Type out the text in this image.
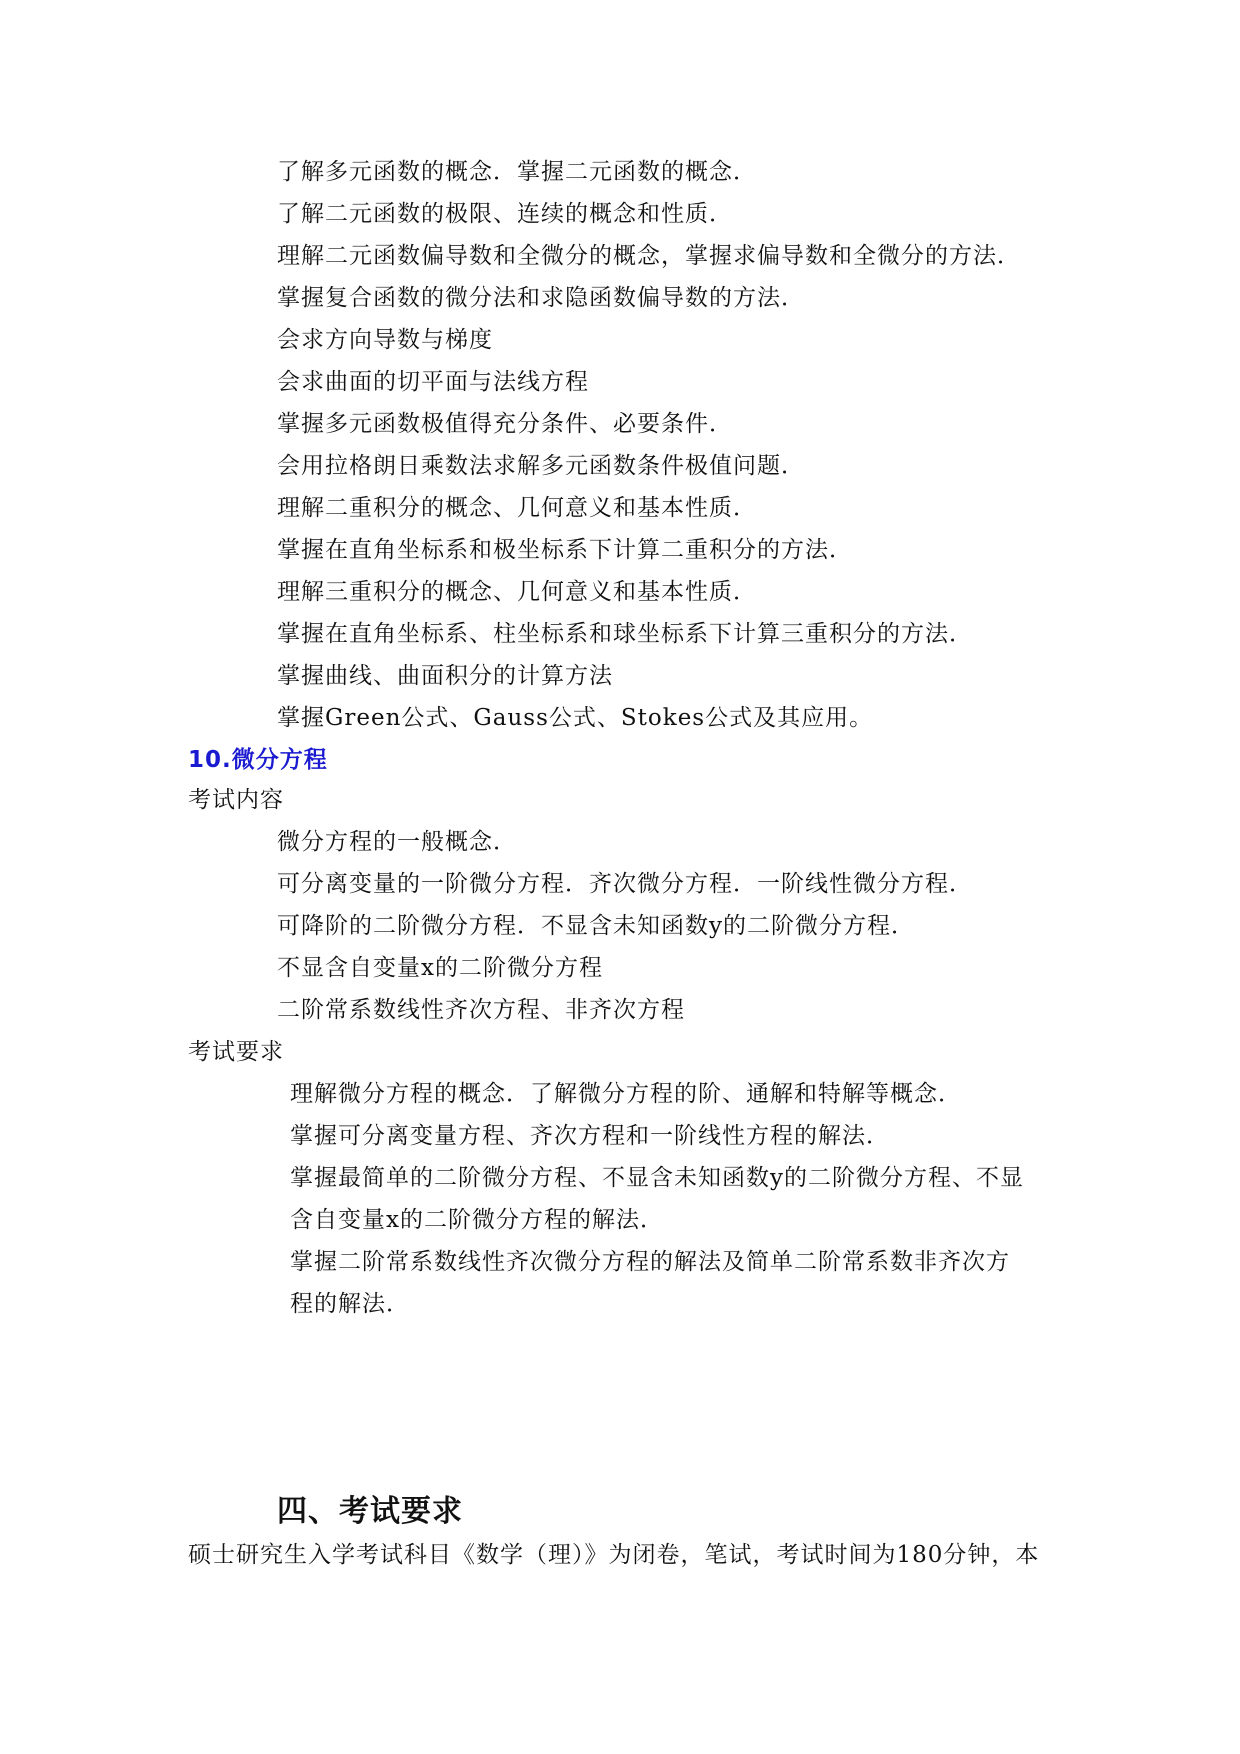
了解多元函数的概念．掌握二元函数的概念．
了解二元函数的极限、连续的概念和性质．
理解二元函数偏导数和全微分的概念，掌握求偏导数和全微分的方法．
掌握复合函数的微分法和求隐函数偏导数的方法．
会求方向导数与梯度
会求曲面的切平面与法线方程
掌握多元函数极值得充分条件、必要条件．
会用拉格朗日乘数法求解多元函数条件极值问题．
理解二重积分的概念、几何意义和基本性质．
掌握在直角坐标系和极坐标系下计算二重积分的方法．
理解三重积分的概念、几何意义和基本性质．
掌握在直角坐标系、柱坐标系和球坐标系下计算三重积分的方法．
掌握曲线、曲面积分的计算方法
掌握Green公式、Gauss公式、Stokes公式及其应用。
10.微分方程
考试内容
微分方程的一般概念．
可分离变量的一阶微分方程．齐次微分方程．一阶线性微分方程．
可降阶的二阶微分方程．不显含未知函数y的二阶微分方程．
不显含自变量x的二阶微分方程
二阶常系数线性齐次方程、非齐次方程
考试要求
理解微分方程的概念．了解微分方程的阶、通解和特解等概念．
掌握可分离变量方程、齐次方程和一阶线性方程的解法．
掌握最简单的二阶微分方程、不显含未知函数y的二阶微分方程、不显
含自变量x的二阶微分方程的解法．
掌握二阶常系数线性齐次微分方程的解法及简单二阶常系数非齐次方
程的解法．
四、考试要求
硕士研究生入学考试科目《数学（理）》为闭卷，笔试，考试时间为180分钟，本
